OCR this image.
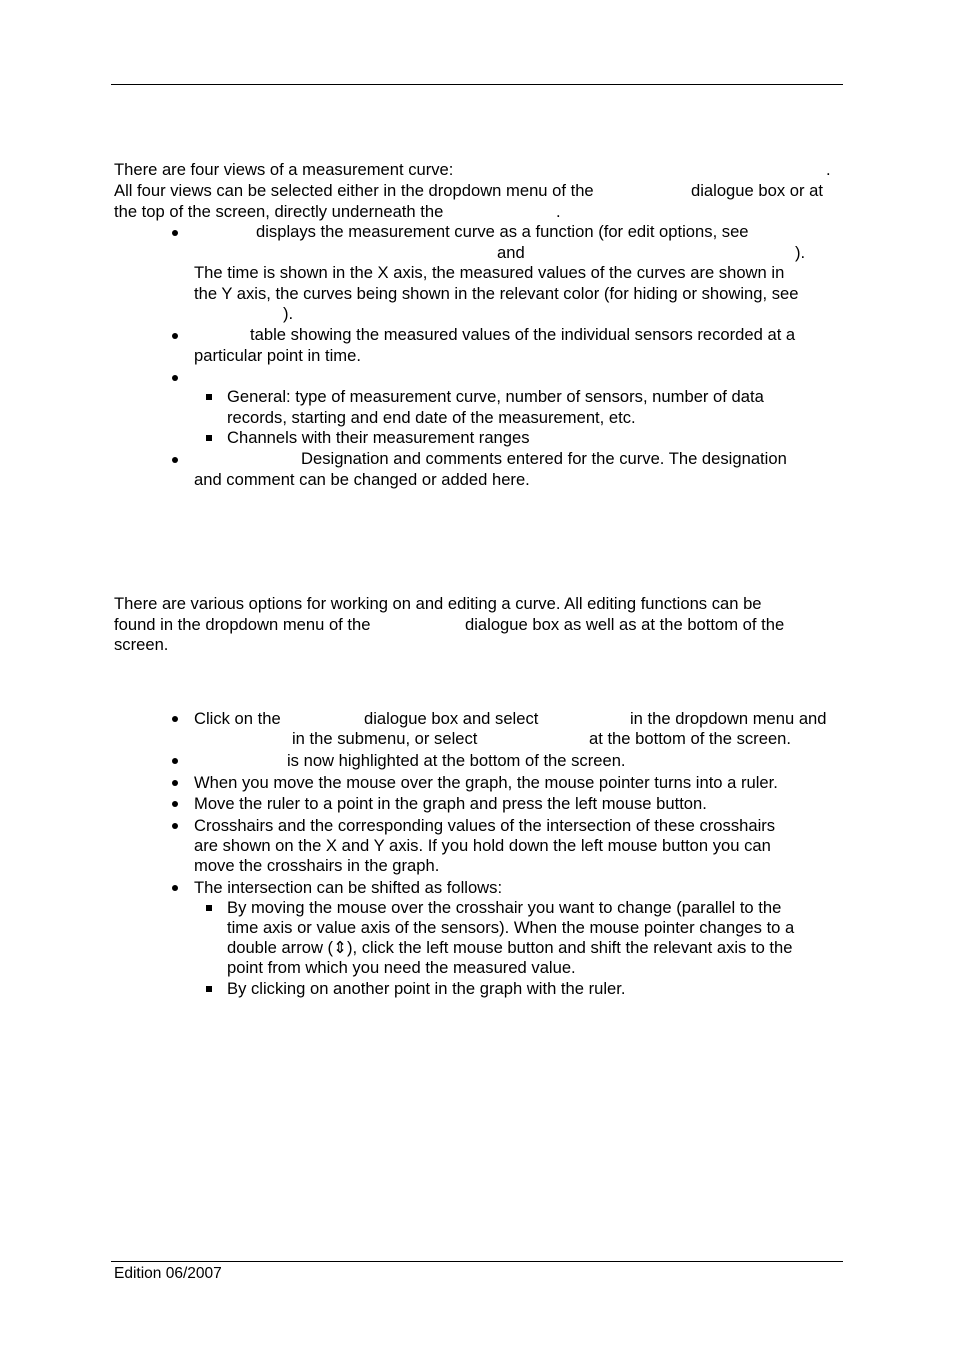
There are four views of a measurement curve:	.
All four views can be selected either in the dropdown menu of the	dialogue box or at
the top of the screen, directly underneath the	.
displays the measurement curve as a function (for edit options, see
and	).
The time is shown in the X axis, the measured values of the curves are shown in
the Y axis, the curves being shown in the relevant color (for hiding or showing, see
).
table showing the measured values of the individual sensors recorded at a
particular point in time.
General: type of measurement curve, number of sensors, number of data
records, starting and end date of the measurement, etc.
Channels with their measurement ranges
Designation and comments entered for the curve. The designation
and comment can be changed or added here.
There are various options for working on and editing a curve. All editing functions can be
found in the dropdown menu of the	dialogue box as well as at the bottom of the
screen.
Click on the	dialogue box and select	in the dropdown menu and
in the submenu, or select	at the bottom of the screen.
is now highlighted at the bottom of the screen.
When you move the mouse over the graph, the mouse pointer turns into a ruler.
Move the ruler to a point in the graph and press the left mouse button.
Crosshairs and the corresponding values of the intersection of these crosshairs
are shown on the X and Y axis. If you hold down the left mouse button you can
move the crosshairs in the graph.
The intersection can be shifted as follows:
By moving the mouse over the crosshair you want to change (parallel to the
time axis or value axis of the sensors). When the mouse pointer changes to a
double arrow (⇕), click the left mouse button and shift the relevant axis to the
point from which you need the measured value.
By clicking on another point in the graph with the ruler.
Edition 06/2007
